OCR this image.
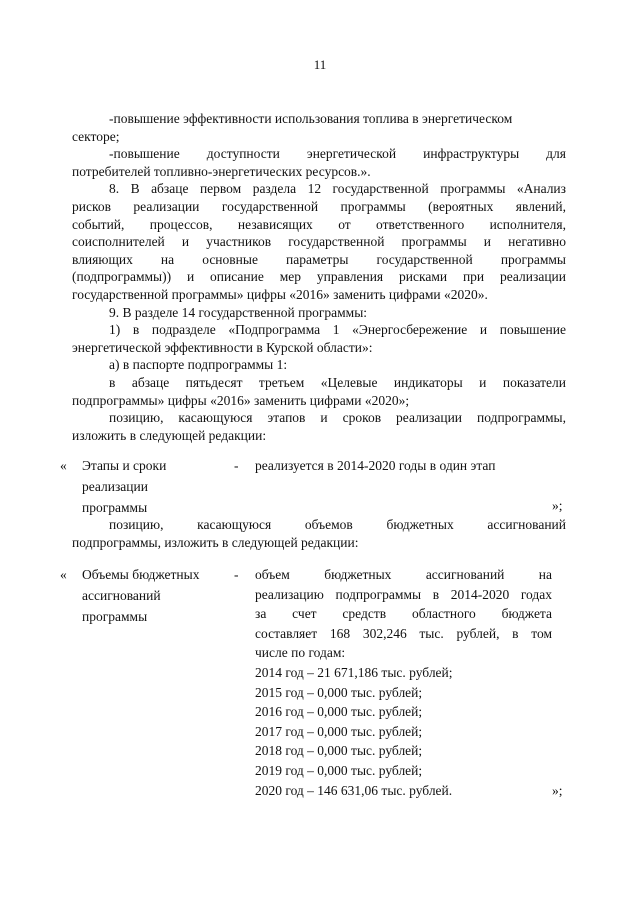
11
-повышение эффективности использования топлива в энергетическом
секторе;
-повышение доступности энергетической инфраструктуры для
потребителей топливно-энергетических ресурсов.».
8. В абзаце первом раздела 12 государственной программы «Анализ
рисков реализации государственной программы (вероятных явлений,
событий, процессов, независящих от ответственного исполнителя,
соисполнителей и участников государственной программы и негативно
влияющих на основные параметры государственной программы
(подпрограммы)) и описание мер управления рисками при реализации
государственной программы» цифры «2016» заменить цифрами «2020».
9. В разделе 14 государственной программы:
1) в подразделе «Подпрограмма 1 «Энергосбережение и повышение
энергетической эффективности в Курской области»:
а) в паспорте подпрограммы 1:
в абзаце пятьдесят третьем «Целевые индикаторы и показатели
подпрограммы» цифры «2016» заменить цифрами «2020»;
позицию, касающуюся этапов и сроков реализации подпрограммы,
изложить в следующей редакции:
« Этапы и сроки
реализации
программы
- реализуется в 2014-2020 годы в один этап
»;
позицию, касающуюся объемов бюджетных ассигнований
подпрограммы, изложить в следующей редакции:
« Объемы бюджетных
ассигнований
программы
- объем бюджетных ассигнований на
реализацию подпрограммы в 2014-2020 годах
за счет средств областного бюджета
составляет 168 302,246 тыс. рублей, в том
числе по годам:
2014 год – 21 671,186 тыс. рублей;
2015 год – 0,000 тыс. рублей;
2016 год – 0,000 тыс. рублей;
2017 год – 0,000 тыс. рублей;
2018 год – 0,000 тыс. рублей;
2019 год – 0,000 тыс. рублей;
2020 год – 146 631,06 тыс. рублей.	»;
